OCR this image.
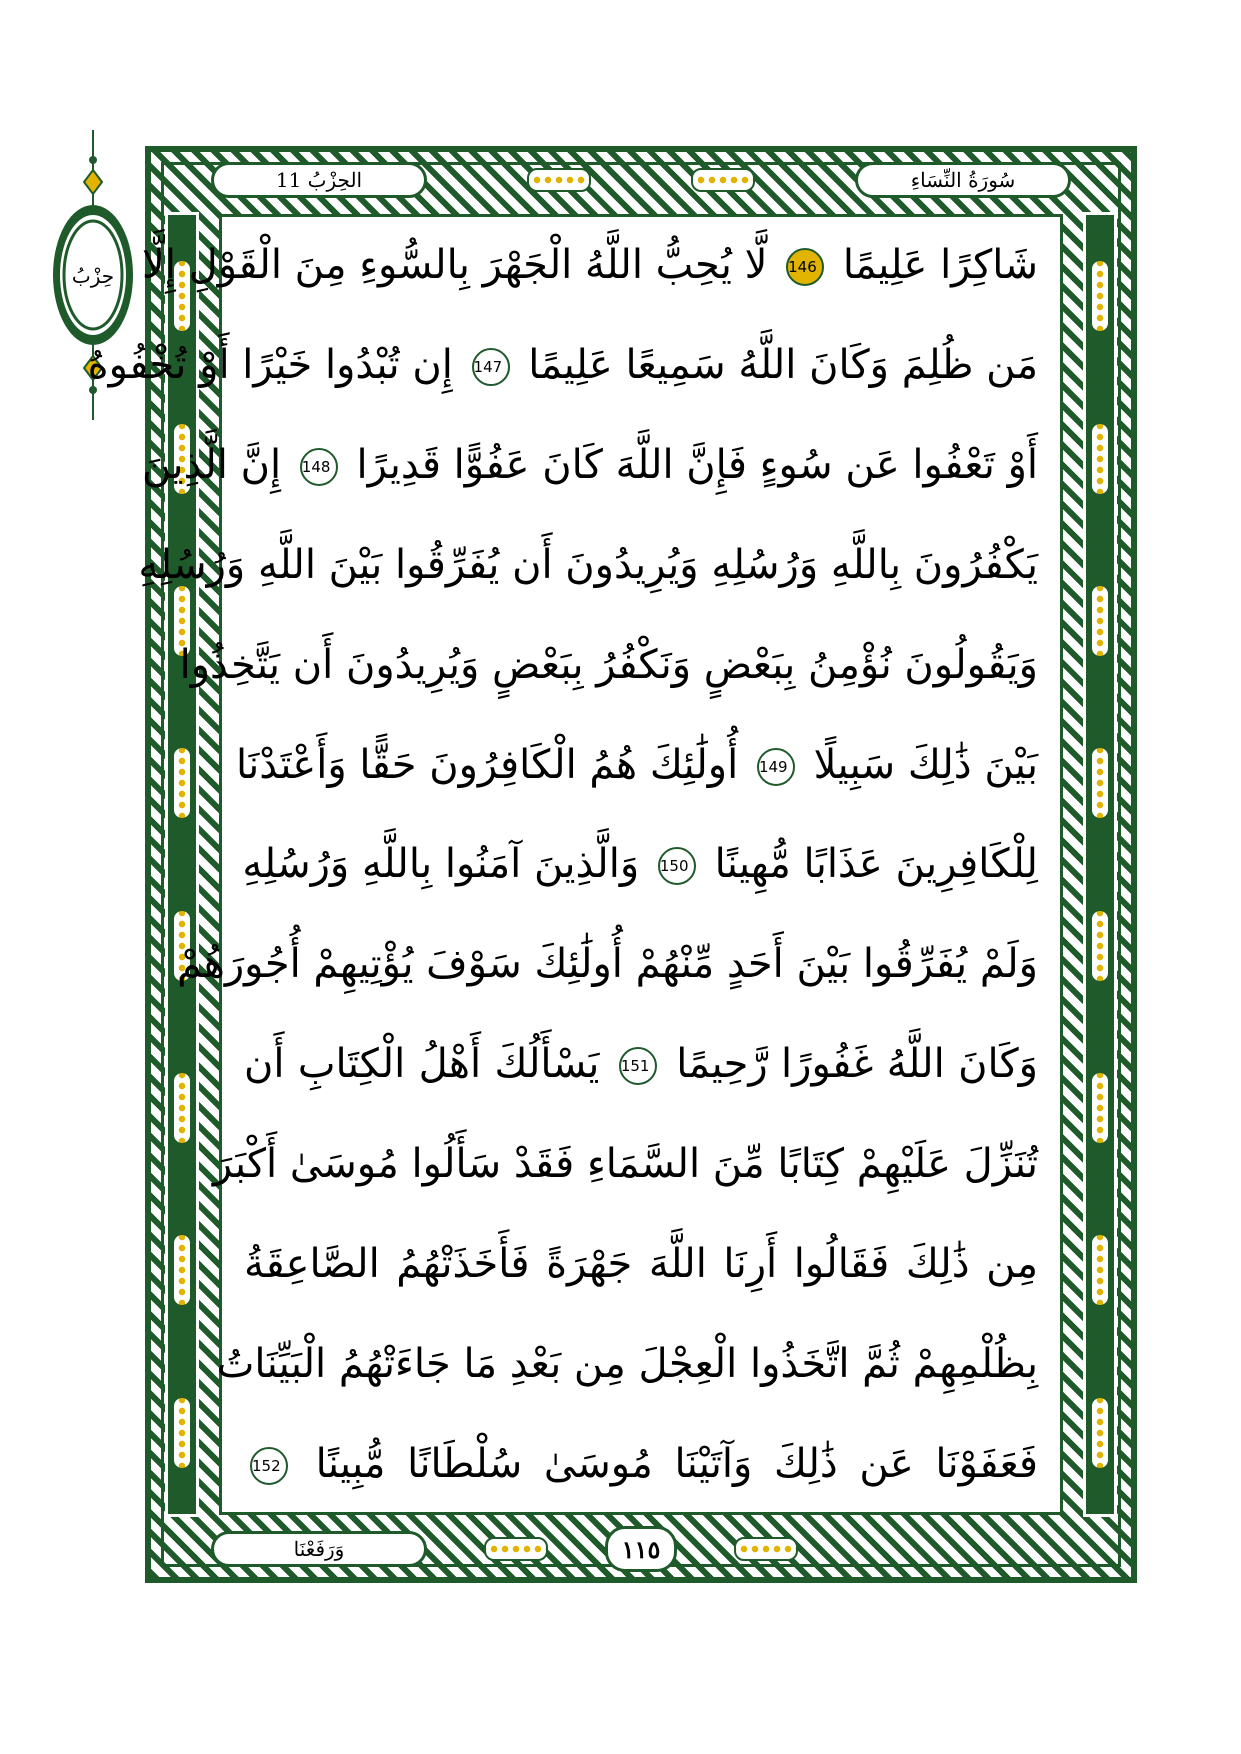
حِزْبُ
الحِزْبُ 11	سُورَةُ النِّسَاءِ
شَاكِرًا عَلِيمًا 146 لَّا يُحِبُّ اللَّهُ الْجَهْرَ بِالسُّوءِ مِنَ الْقَوْلِ إِلَّا
مَن ظُلِمَ وَكَانَ اللَّهُ سَمِيعًا عَلِيمًا 147 إِن تُبْدُوا خَيْرًا أَوْ تُخْفُوهُ
أَوْ تَعْفُوا عَن سُوءٍ فَإِنَّ اللَّهَ كَانَ عَفُوًّا قَدِيرًا 148 إِنَّ الَّذِينَ
يَكْفُرُونَ بِاللَّهِ وَرُسُلِهِ وَيُرِيدُونَ أَن يُفَرِّقُوا بَيْنَ اللَّهِ وَرُسُلِهِ
وَيَقُولُونَ نُؤْمِنُ بِبَعْضٍ وَنَكْفُرُ بِبَعْضٍ وَيُرِيدُونَ أَن يَتَّخِذُوا
بَيْنَ ذَٰلِكَ سَبِيلًا 149 أُولَٰئِكَ هُمُ الْكَافِرُونَ حَقًّا وَأَعْتَدْنَا
لِلْكَافِرِينَ عَذَابًا مُّهِينًا 150 وَالَّذِينَ آمَنُوا بِاللَّهِ وَرُسُلِهِ
وَلَمْ يُفَرِّقُوا بَيْنَ أَحَدٍ مِّنْهُمْ أُولَٰئِكَ سَوْفَ يُؤْتِيهِمْ أُجُورَهُمْ
وَكَانَ اللَّهُ غَفُورًا رَّحِيمًا 151 يَسْأَلُكَ أَهْلُ الْكِتَابِ أَن
تُنَزِّلَ عَلَيْهِمْ كِتَابًا مِّنَ السَّمَاءِ فَقَدْ سَأَلُوا مُوسَىٰ أَكْبَرَ
مِن ذَٰلِكَ فَقَالُوا أَرِنَا اللَّهَ جَهْرَةً فَأَخَذَتْهُمُ الصَّاعِقَةُ
بِظُلْمِهِمْ ثُمَّ اتَّخَذُوا الْعِجْلَ مِن بَعْدِ مَا جَاءَتْهُمُ الْبَيِّنَاتُ
فَعَفَوْنَا عَن ذَٰلِكَ وَآتَيْنَا مُوسَىٰ سُلْطَانًا مُّبِينًا 152
وَرَفَعْنَا	١١٥
